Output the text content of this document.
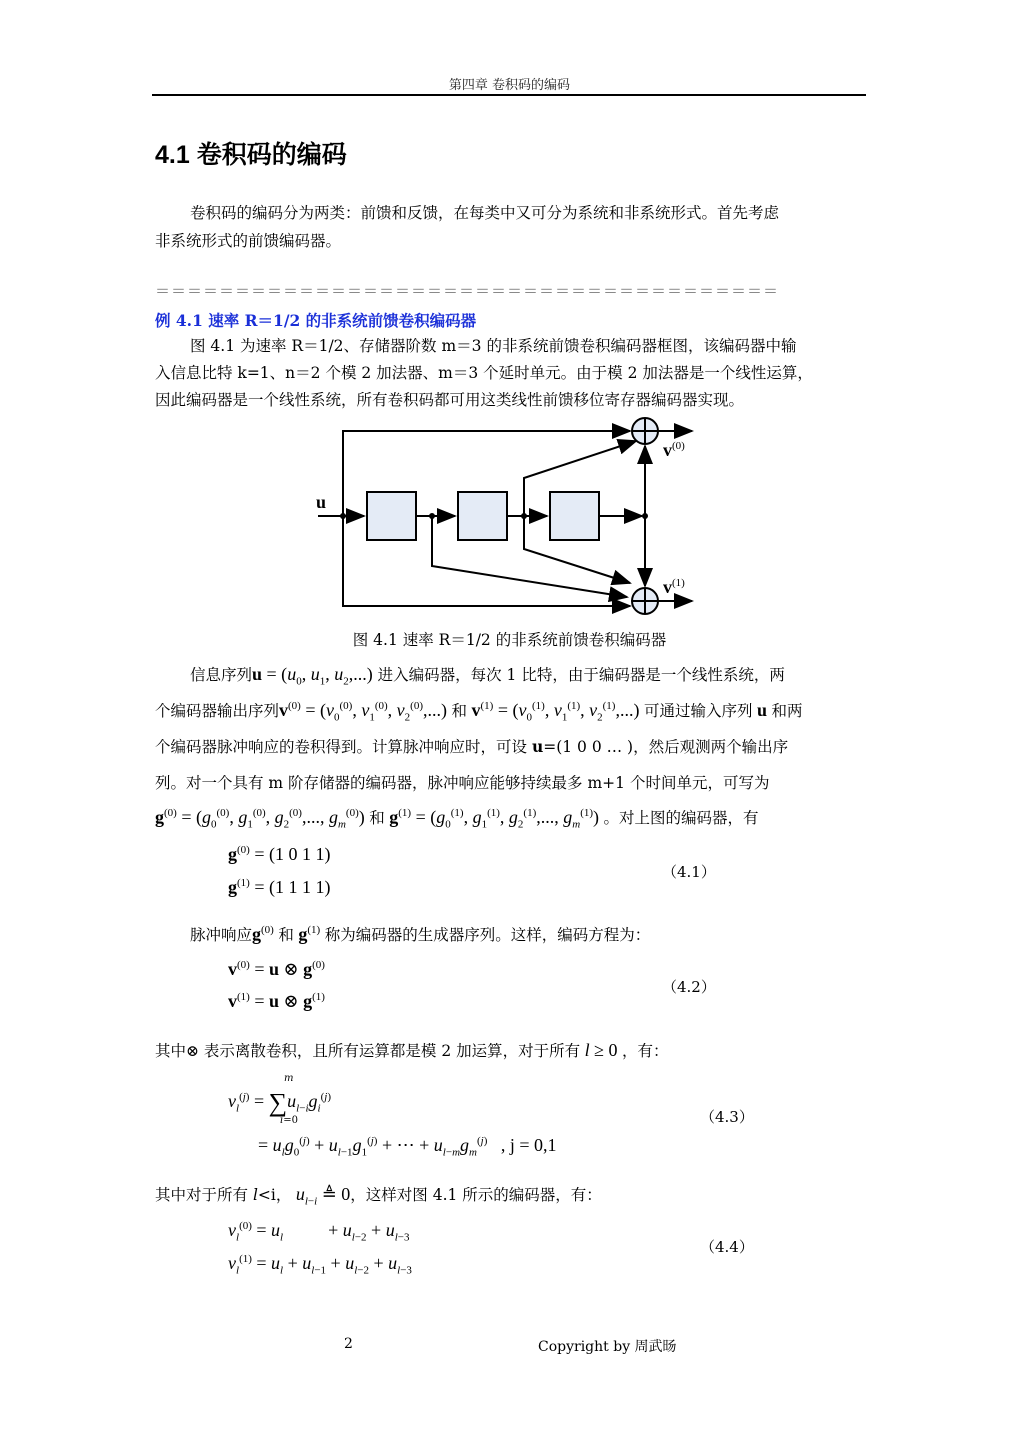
第四章 卷积码的编码
4.1 卷积码的编码
卷积码的编码分为两类：前馈和反馈，在每类中又可分为系统和非系统形式。首先考虑
非系统形式的前馈编码器。
＝＝＝＝＝＝＝＝＝＝＝＝＝＝＝＝＝＝＝＝＝＝＝＝＝＝＝＝＝＝＝＝＝＝＝＝＝＝＝
例 4.1 速率 R＝1/2 的非系统前馈卷积编码器
图 4.1 为速率 R＝1/2、存储器阶数 m＝3 的非系统前馈卷积编码器框图，该编码器中输
入信息比特 k=1、n＝2 个模 2 加法器、m＝3 个延时单元。由于模 2 加法器是一个线性运算，
因此编码器是一个线性系统，所有卷积码都可用这类线性前馈移位寄存器编码器实现。
u
$v^{(0)}$
$v^{(1)}$
图 4.1 速率 R＝1/2 的非系统前馈卷积编码器
信息序列$u = (u_0$, $u_1$, $u_2$,...) 进入编码器，每次 1 比特，由于编码器是一个线性系统，两
个编码器输出序列$v^{(0)} = (v_0^{(0)}$, $v_1^{(0)}$, $v_2^{(0)}$,...) 和 $v^{(1)} = (v_0^{(1)}$, $v_1^{(1)}$, $v_2^{(1)}$,...) 可通过输入序列 u 和两
个编码器脉冲响应的卷积得到。计算脉冲响应时，可设 u=(1 0 0 … )，然后观测两个输出序
列。对一个具有 m 阶存储器的编码器，脉冲响应能够持续最多 m+1 个时间单元，可写为
$g^{(0)} = (g_0^{(0)}$, $g_1^{(0)}$, $g_2^{(0)}$,..., $g_m^{(0)}$) 和 $g^{(1)} = (g_0^{(1)}$, $g_1^{(1)}$, $g_2^{(1)}$,..., $g_m^{(1)}$) 。对上图的编码器，有
$g^{(0)} = (1$ 0 1 1)
$g^{(1)} = (1$ 1 1 1)
（4.1）
脉冲响应$g^{(0)}$ 和 $g^{(1)}$ 称为编码器的生成器序列。这样，编码方程为：
$v^{(0)} = u$ ⊗ $g^{(0)}$
$v^{(1)} = u$ ⊗ $g^{(1)}$
（4.2）
其中⊗ 表示离散卷积，且所有运算都是模 2 加运算，对于所有 l ≥ 0 ，有：
$v_l^{(j)} = \sum u_{l-i}g_i^{(j)}$
m
i=0
= $u_lg_0^{(j)} + u_{l-1}g_1^{(j)}$ + ⋯ + $u_{l-m}g_m^{(j)}$ , j = 0,1
（4.3）
其中对于所有 l<i， $u_{l-i}$ ≜ 0，这样对图 4.1 所示的编码器，有：
$v_l^{(0)} = u_l$          + $u_{l-2} + u_{l-3}$
$v_l^{(1)} = u_l + u_{l-1} + u_{l-2} + u_{l-3}$
（4.4）
2	Copyright by 周武旸
